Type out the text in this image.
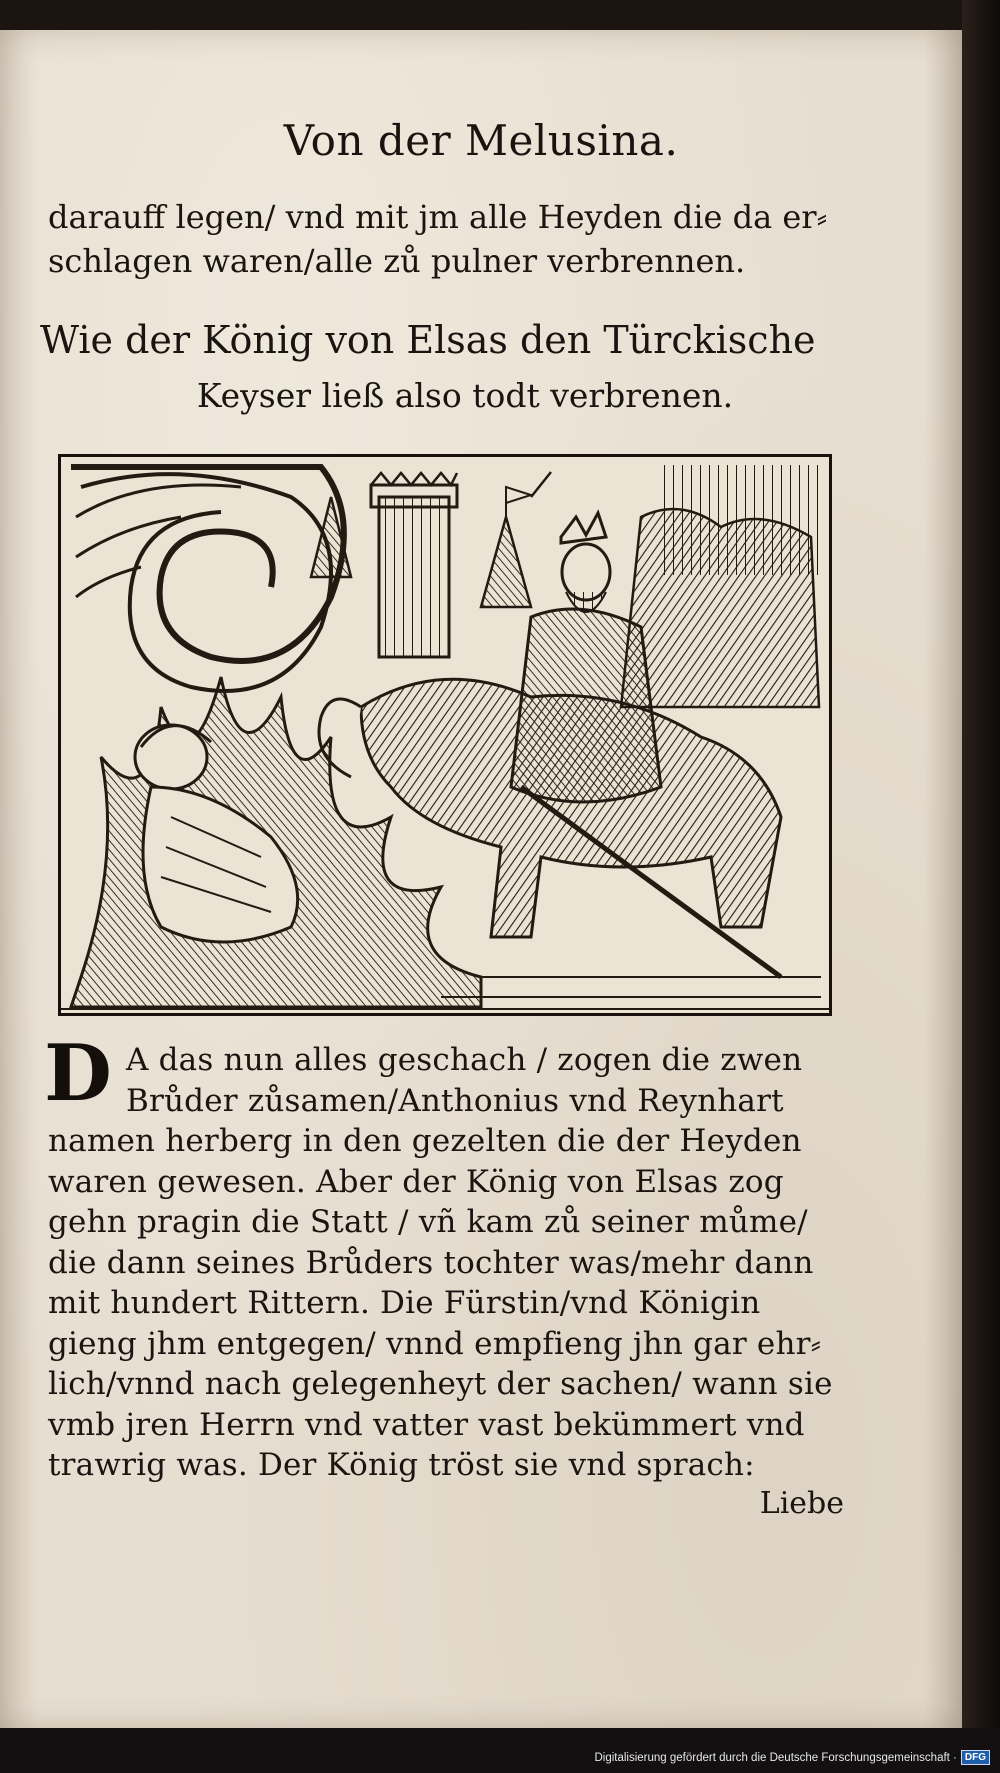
Von der Melusina.

darauff legen/ vnd mit jm alle Heyden die da er⸗

schlagen waren/alle zů pulner verbrennen.

Wie der König von Elsas den Türckische

Keyser ließ also todt verbrenen.

D A das nun alles geschach / zogen die zwen

Brůder zůsamen/Anthonius vnd Reynhart

namen herberg in den gezelten die der Heyden

waren gewesen. Aber der König von Elsas zog

gehn pragin die Statt / vñ kam zů seiner můme/

die dann seines Brůders tochter was/mehr dann

mit hundert Rittern. Die Fürstin/vnd Königin

gieng jhm entgegen/ vnnd empfieng jhn gar ehr⸗

lich/vnnd nach gelegenheyt der sachen/ wann sie

vmb jren Herrn vnd vatter vast bekümmert vnd

trawrig was. Der König tröst sie vnd sprach:

Liebe
Digitalisierung gefördert durch die Deutsche Forschungsgemeinschaft · DFG
